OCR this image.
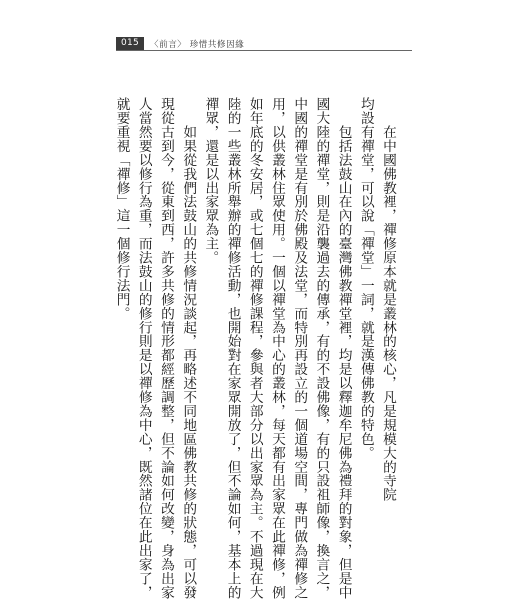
015	〈前言〉 珍惜共修因緣
　　在中國佛教裡，禪修原本就是叢林的核心，凡是規模大的寺院
均設有禪堂，可以說「禪堂」一詞，就是漢傳佛教的特色。
　　包括法鼓山在內的臺灣佛教禪堂裡，均是以釋迦牟尼佛為禮拜的對象，但是中
國大陸的禪堂，則是沿襲過去的傳承，有的不設佛像，有的只設祖師像，換言之，
中國的禪堂是有別於佛殿及法堂，而特別再設立的一個道場空間，專門做為禪修之
用，以供叢林住眾使用。一個以禪堂為中心的叢林，每天都有出家眾在此禪修，例
如年底的冬安居，或七個七的禪修課程，參與者大部分以出家眾為主。不過現在大
陸的一些叢林所舉辦的禪修活動，也開始對在家眾開放了，但不論如何，基本上的
禪眾，還是以出家眾為主。
　　如果從我們法鼓山的共修情況談起，再略述不同地區佛教共修的狀態，可以發
現從古到今，從東到西，許多共修的情形都經歷調整，但不論如何改變，身為出家
人當然要以修行為重，而法鼓山的修行則是以禪修為中心，既然諸位在此出家了，
就要重視「禪修」這一個修行法門。
